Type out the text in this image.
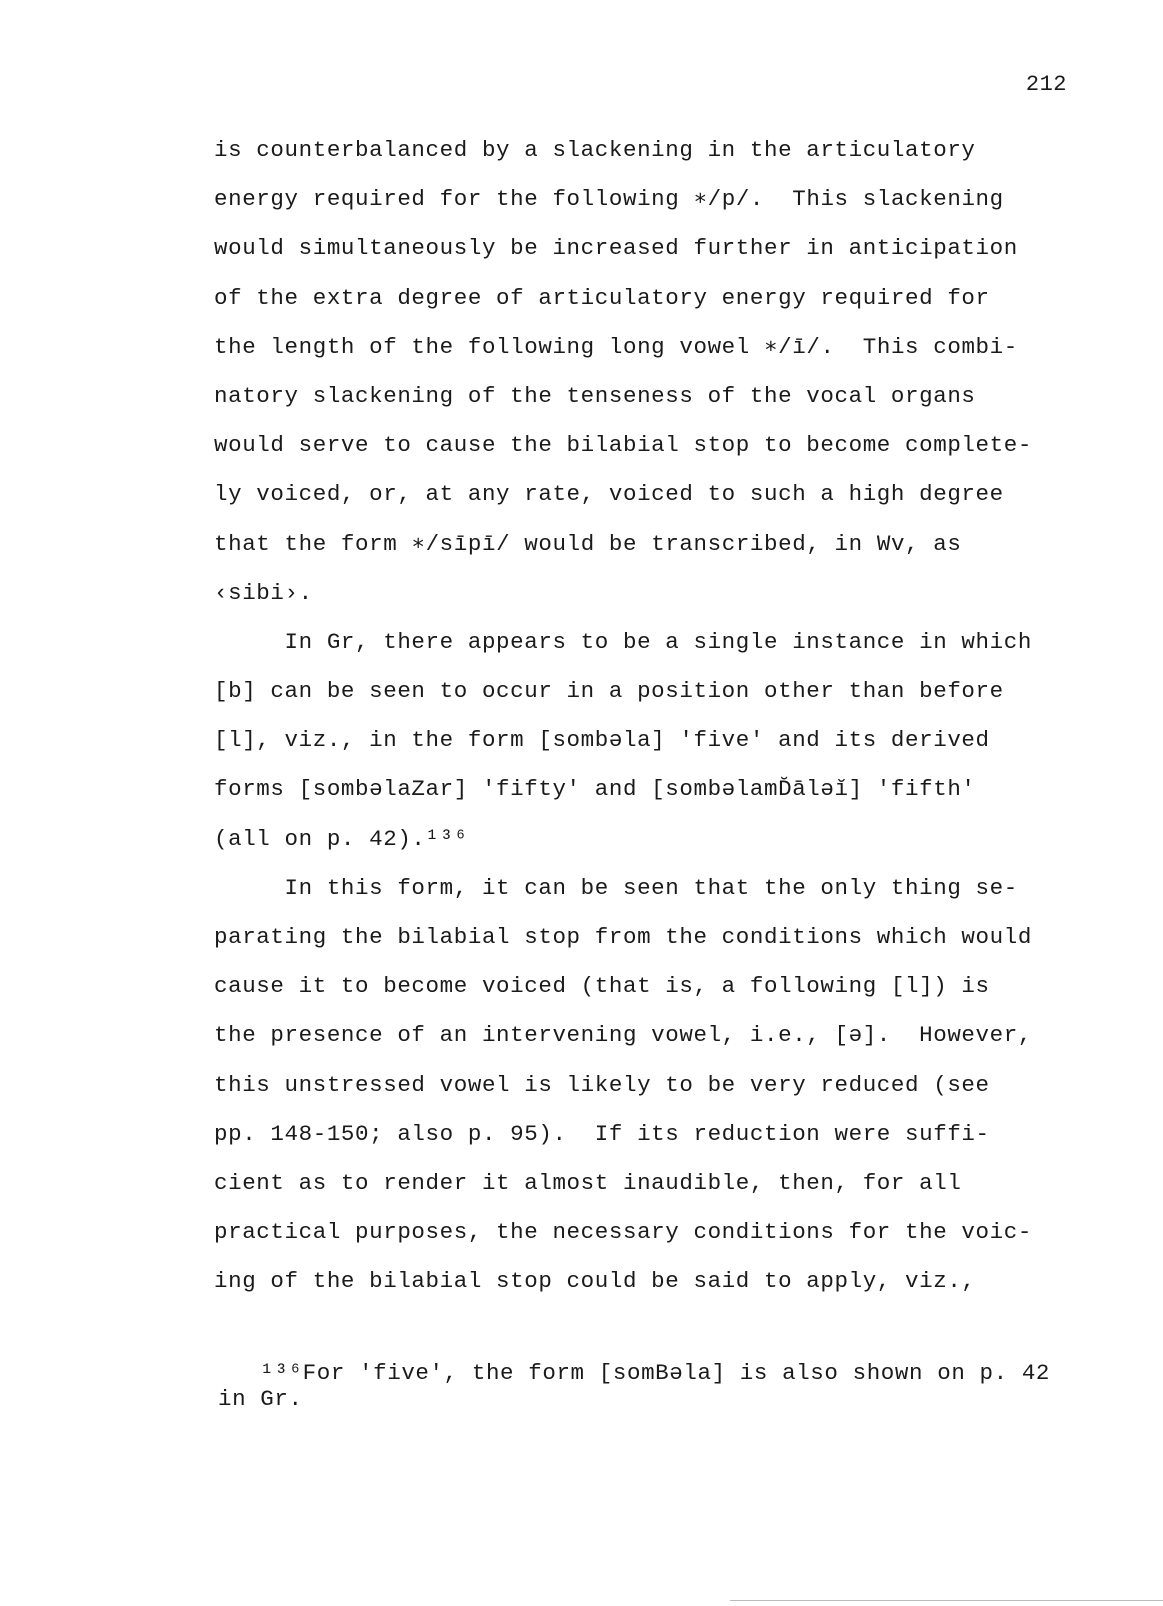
212
is counterbalanced by a slackening in the articulatory
energy required for the following ∗/p/.  This slackening
would simultaneously be increased further in anticipation
of the extra degree of articulatory energy required for
the length of the following long vowel ∗/ī/.  This combi-
natory slackening of the tenseness of the vocal organs
would serve to cause the bilabial stop to become complete-
ly voiced, or, at any rate, voiced to such a high degree
that the form ∗/sīpī/ would be transcribed, in Wv, as
‹sibi›.
In Gr, there appears to be a single instance in which
[b] can be seen to occur in a position other than before
[l], viz., in the form [sombəla] 'five' and its derived
forms [sombəlaZar] 'fifty' and [sombəlamD̆āləĭ] 'fifth'
(all on p. 42).¹³⁶
In this form, it can be seen that the only thing se-
parating the bilabial stop from the conditions which would
cause it to become voiced (that is, a following [l]) is
the presence of an intervening vowel, i.e., [ə].  However,
this unstressed vowel is likely to be very reduced (see
pp. 148-150; also p. 95).  If its reduction were suffi-
cient as to render it almost inaudible, then, for all
practical purposes, the necessary conditions for the voic-
ing of the bilabial stop could be said to apply, viz.,
¹³⁶For 'five', the form [somBəla] is also shown on p. 42
in Gr.
